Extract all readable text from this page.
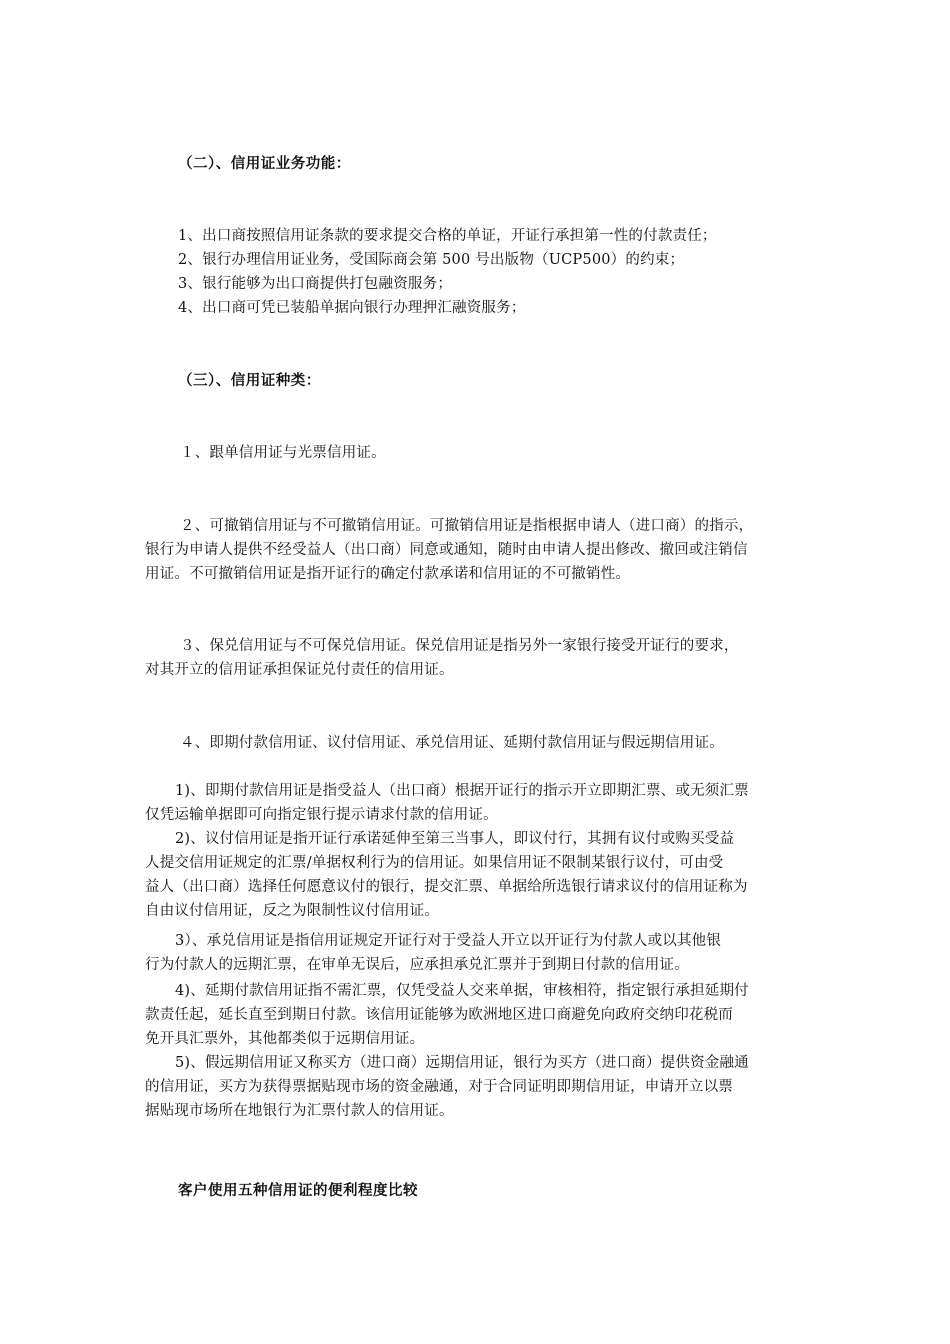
（二）、信用证业务功能：
1、出口商按照信用证条款的要求提交合格的单证，开证行承担第一性的付款责任；
2、银行办理信用证业务，受国际商会第 500 号出版物（UCP500）的约束；
3、银行能够为出口商提供打包融资服务；
4、出口商可凭已装船单据向银行办理押汇融资服务；
（三）、信用证种类：
１、跟单信用证与光票信用证。
２、可撤销信用证与不可撤销信用证。可撤销信用证是指根据申请人（进口商）的指示，
银行为申请人提供不经受益人（出口商）同意或通知，随时由申请人提出修改、撤回或注销信
用证。不可撤销信用证是指开证行的确定付款承诺和信用证的不可撤销性。
３、保兑信用证与不可保兑信用证。保兑信用证是指另外一家银行接受开证行的要求，
对其开立的信用证承担保证兑付责任的信用证。
４、即期付款信用证、议付信用证、承兑信用证、延期付款信用证与假远期信用证。
1)、即期付款信用证是指受益人（出口商）根据开证行的指示开立即期汇票、或无须汇票
仅凭运输单据即可向指定银行提示请求付款的信用证。
2)、议付信用证是指开证行承诺延伸至第三当事人，即议付行，其拥有议付或购买受益
人提交信用证规定的汇票/单据权利行为的信用证。如果信用证不限制某银行议付，可由受
益人（出口商）选择任何愿意议付的银行，提交汇票、单据给所选银行请求议付的信用证称为
自由议付信用证，反之为限制性议付信用证。
3）、承兑信用证是指信用证规定开证行对于受益人开立以开证行为付款人或以其他银
行为付款人的远期汇票，在审单无误后，应承担承兑汇票并于到期日付款的信用证。
4)、延期付款信用证指不需汇票，仅凭受益人交来单据，审核相符，指定银行承担延期付
款责任起，延长直至到期日付款。该信用证能够为欧洲地区进口商避免向政府交纳印花税而
免开具汇票外，其他都类似于远期信用证。
5)、假远期信用证又称买方（进口商）远期信用证，银行为买方（进口商）提供资金融通
的信用证，买方为获得票据贴现市场的资金融通，对于合同证明即期信用证，申请开立以票
据贴现市场所在地银行为汇票付款人的信用证。
客户使用五种信用证的便利程度比较
